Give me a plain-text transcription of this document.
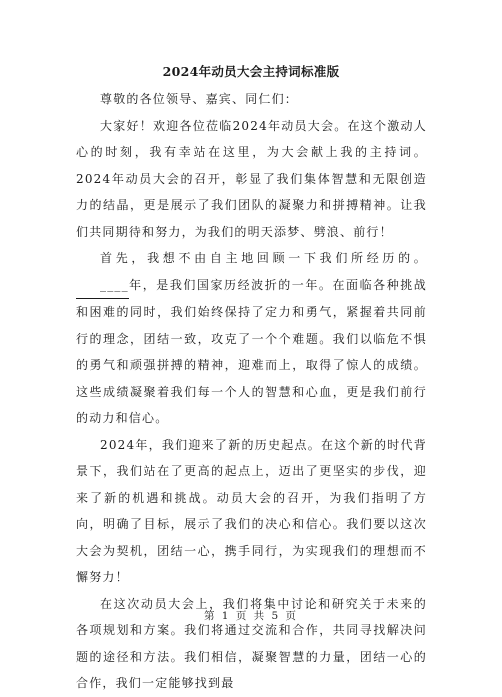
2024年动员大会主持词标准版

尊敬的各位领导、嘉宾、同仁们：

大家好！欢迎各位莅临2024年动员大会。在这个激动人心的时刻，我有幸站在这里，为大会献上我的主持词。2024年动员大会的召开，彰显了我们集体智慧和无限创造力的结晶，更是展示了我们团队的凝聚力和拼搏精神。让我们共同期待和努力，为我们的明天添梦、劈浪、前行！

首先，我想不由自主地回顾一下我们所经历的。____年，是我们国家历经波折的一年。在面临各种挑战和困难的同时，我们始终保持了定力和勇气，紧握着共同前行的理念，团结一致，攻克了一个个难题。我们以临危不惧的勇气和顽强拼搏的精神，迎难而上，取得了惊人的成绩。这些成绩凝聚着我们每一个人的智慧和心血，更是我们前行的动力和信心。

2024年，我们迎来了新的历史起点。在这个新的时代背景下，我们站在了更高的起点上，迈出了更坚实的步伐，迎来了新的机遇和挑战。动员大会的召开，为我们指明了方向，明确了目标，展示了我们的决心和信心。我们要以这次大会为契机，团结一心，携手同行，为实现我们的理想而不懈努力！

在这次动员大会上，我们将集中讨论和研究关于未来的各项规划和方案。我们将通过交流和合作，共同寻找解决问题的途径和方法。我们相信，凝聚智慧的力量，团结一心的合作，我们一定能够找到最

第 1 页 共 5 页
